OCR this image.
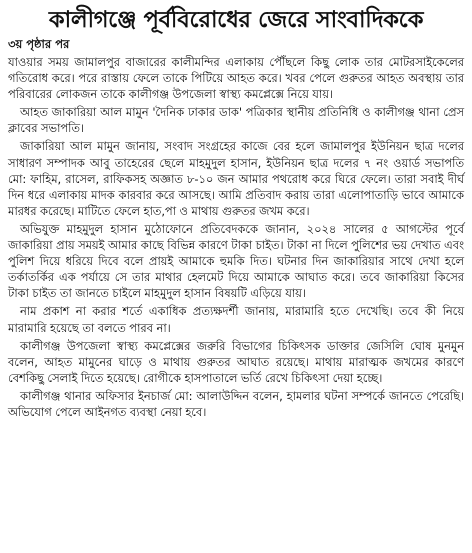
কালীগঞ্জে পূর্ববিরোধের জেরে সাংবাদিককে
৩য় পৃষ্ঠার পর

যাওয়ার সময় জামালপুর বাজারের কালীমন্দির এলাকায় পৌঁছলে কিছু লোক তার মোটরসাইকেলের গতিরোধ করে। পরে রাস্তায় ফেলে তাকে পিটিয়ে আহত করে। খবর পেলে গুরুতর আহত অবস্থায় তার পরিবারের লোকজন তাকে কালীগঞ্জ উপজেলা স্বাস্থ্য কমপ্লেক্সে নিয়ে যায়।

আহত জাকারিয়া আল মামুন 'দৈনিক ঢাকার ডাক' পত্রিকার স্থানীয় প্রতিনিধি ও কালীগঞ্জ থানা প্রেস ক্লাবের সভাপতি।

জাকারিয়া আল মামুন জানায়, সংবাদ সংগ্রহের কাজে বের হলে জামালপুর ইউনিয়ন ছাত্র দলের সাধারণ সম্পাদক আবু তাহেরের ছেলে মাহমুদুল হাসান, ইউনিয়ন ছাত্র দলের ৭ নং ওয়ার্ড সভাপতি মো: ফাহিম, রাসেল, রাফিকসহ অজ্ঞাত ৮-১০ জন আমার পথরোধ করে ঘিরে ফেলে। তারা সবাই দীর্ঘ দিন ধরে এলাকায় মাদক কারবার করে আসছে। আমি প্রতিবাদ করায় তারা এলোপাতাড়ি ভাবে আমাকে মারধর করেছে। মাটিতে ফেলে হাত,পা ও মাথায় গুরুতর জখম করে।

অভিযুক্ত মাহমুদুল হাসান মুঠোফোনে প্রতিবেদককে জানান, ২০২৪ সালের ৫ আগস্টের পূর্বে জাকারিয়া প্রায় সময়ই আমার কাছে বিভিন্ন কারণে টাকা চাইত। টাকা না দিলে পুলিশের ভয় দেখাত এবং পুলিশ দিয়ে ধরিয়ে দিবে বলে প্রায়ই আমাকে হুমকি দিত। ঘটনার দিন জাকারিয়ার সাথে দেখা হলে তর্কাতর্কির এক পর্যায়ে সে তার মাথার হেলমেট দিয়ে আমাকে আঘাত করে। তবে জাকারিয়া কিসের টাকা চাইত তা জানতে চাইলে মাহমুদুল হাসান বিষয়টি এড়িয়ে যায়।

নাম প্রকাশ না করার শর্তে একাধিক প্রত্যক্ষদর্শী জানায়, মারামারি হতে দেখেছি। তবে কী নিয়ে মারামারি হয়েছে তা বলতে পারব না।

কালীগঞ্জ উপজেলা স্বাস্থ্য কমপ্লেক্সের জরুরি বিভাগের চিকিৎসক ডাক্তার জেসিলি ঘোষ মুনমুন বলেন, আহত মামুনের ঘাড়ে ও মাথায় গুরুতর আঘাত রয়েছে। মাথায় মারাত্মক জখমের কারণে বেশকিছু সেলাই দিতে হয়েছে। রোগীকে হাসপাতালে ভর্তি রেখে চিকিৎসা দেয়া হচ্ছে।

কালীগঞ্জ থানার অফিসার ইনচার্জ মো: আলাউদ্দিন বলেন, হামলার ঘটনা সম্পর্কে জানতে পেরেছি। অভিযোগ পেলে আইনগত ব্যবস্থা নেয়া হবে।
